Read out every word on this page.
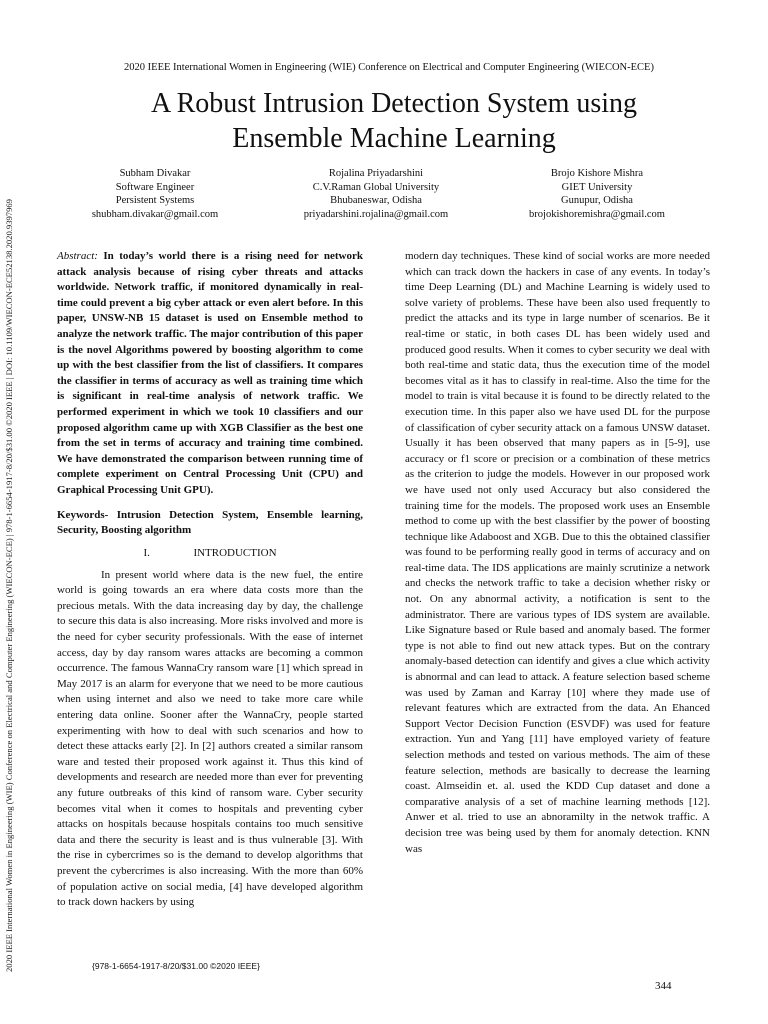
2020 IEEE International Women in Engineering (WIE) Conference on Electrical and Computer Engineering (WIECON-ECE) | 978-1-6654-1917-8/20/$31.00 ©2020 IEEE | DOI: 10.1109/WIECON-ECE52138.2020.9397969
2020 IEEE International Women in Engineering (WIE) Conference on Electrical and Computer Engineering (WIECON-ECE)
A Robust Intrusion Detection System using
Ensemble Machine Learning
Subham Divakar
Software Engineer
Persistent Systems
shubham.divakar@gmail.com
Rojalina Priyadarshini
C.V.Raman Global University
Bhubaneswar, Odisha
priyadarshini.rojalina@gmail.com
Brojo Kishore Mishra
GIET University
Gunupur, Odisha
brojokishoremishra@gmail.com

Abstract: In today’s world there is a rising need for network attack analysis because of rising cyber threats and attacks worldwide. Network traffic, if monitored dynamically in real-time could prevent a big cyber attack or even alert before. In this paper, UNSW-NB 15 dataset is used on Ensemble method to analyze the network traffic. The major contribution of this paper is the novel Algorithms powered by boosting algorithm to come up with the best classifier from the list of classifiers. It compares the classifier in terms of accuracy as well as training time which is significant in real-time analysis of network traffic. We performed experiment in which we took 10 classifiers and our proposed algorithm came up with XGB Classifier as the best one from the set in terms of accuracy and training time combined. We have demonstrated the comparison between running time of complete experiment on Central Processing Unit (CPU) and Graphical Processing Unit GPU).

Keywords- Intrusion Detection System, Ensemble learning, Security, Boosting algorithm

I.	INTRODUCTION

In present world where data is the new fuel, the entire world is going towards an era where data costs more than the precious metals. With the data increasing day by day, the challenge to secure this data is also increasing. More risks involved and more is the need for cyber security professionals. With the ease of internet access, day by day ransom wares attacks are becoming a common occurrence. The famous WannaCry ransom ware [1] which spread in May 2017 is an alarm for everyone that we need to be more cautious when using internet and also we need to take more care while entering data online. Sooner after the WannaCry, people started experimenting with how to deal with such scenarios and how to detect these attacks early [2]. In [2] authors created a similar ransom ware and tested their proposed work against it. Thus this kind of developments and research are needed more than ever for preventing any future outbreaks of this kind of ransom ware. Cyber security becomes vital when it comes to hospitals and preventing cyber attacks on hospitals because hospitals contains too much sensitive data and there the security is least and is thus vulnerable [3]. With the rise in cybercrimes so is the demand to develop algorithms that prevent the cybercrimes is also increasing. With the more than 60% of population active on social media, [4] have developed algorithm to track down hackers by using

modern day techniques. These kind of social works are more needed which can track down the hackers in case of any events. In today’s time Deep Learning (DL) and Machine Learning is widely used to solve variety of problems. These have been also used frequently to predict the attacks and its type in large number of scenarios. Be it real-time or static, in both cases DL has been widely used and produced good results. When it comes to cyber security we deal with both real-time and static data, thus the execution time of the model becomes vital as it has to classify in real-time. Also the time for the model to train is vital because it is found to be directly related to the execution time. In this paper also we have used DL for the purpose of classification of cyber security attack on a famous UNSW dataset. Usually it has been observed that many papers as in [5-9], use accuracy or f1 score or precision or a combination of these metrics as the criterion to judge the models. However in our proposed work we have used not only used Accuracy but also considered the training time for the models. The proposed work uses an Ensemble method to come up with the best classifier by the power of boosting technique like Adaboost and XGB. Due to this the obtained classifier was found to be performing really good in terms of accuracy and on real-time data. The IDS applications are mainly scrutinize a network and checks the network traffic to take a decision whether risky or not. On any abnormal activity, a notification is sent to the administrator. There are various types of IDS system are available. Like Signature based or Rule based and anomaly based. The former type is not able to find out new attack types. But on the contrary anomaly-based detection can identify and gives a clue which activity is abnormal and can lead to attack. A feature selection based scheme was used by Zaman and Karray [10] where they made use of relevant features which are extracted from the data. An Ehanced Support Vector Decision Function (ESVDF) was used for feature extraction. Yun and Yang [11] have employed variety of feature selection methods and tested on various methods. The aim of these feature selection, methods are basically to decrease the learning coast. Almseidin et. al. used the KDD Cup dataset and done a comparative analysis of a set of machine learning methods [12]. Anwer et al. tried to use an abnoramilty in the netwok traffic. A decision tree was being used by them for anomaly detection. KNN was

{978-1-6654-1917-8/20/$31.00 ©2020 IEEE}
344
